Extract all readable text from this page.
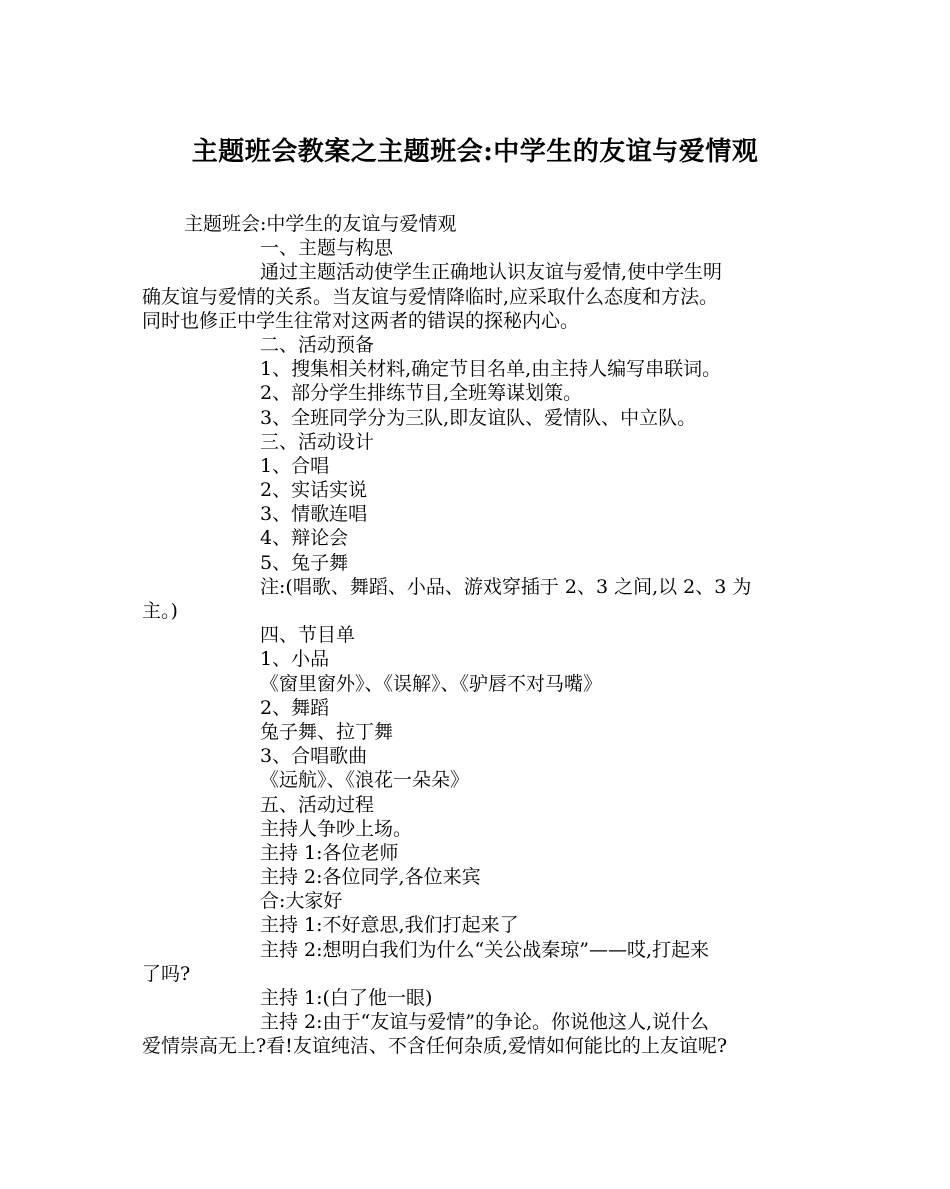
主题班会教案之主题班会:中学生的友谊与爱情观
主题班会:中学生的友谊与爱情观
一、主题与构思
通过主题活动使学生正确地认识友谊与爱情,使中学生明
确友谊与爱情的关系。当友谊与爱情降临时,应采取什么态度和方法。
同时也修正中学生往常对这两者的错误的探秘内心。
二、活动预备
1、搜集相关材料,确定节目名单,由主持人编写串联词。
2、部分学生排练节目,全班筹谋划策。
3、全班同学分为三队,即友谊队、爱情队、中立队。
三、活动设计
1、合唱
2、实话实说
3、情歌连唱
4、辩论会
5、兔子舞
注:(唱歌、舞蹈、小品、游戏穿插于 2、3 之间,以 2、3 为
主。)
四、节目单
1、小品
《窗里窗外》、《误解》、《驴唇不对马嘴》
2、舞蹈
兔子舞、拉丁舞
3、合唱歌曲
《远航》、《浪花一朵朵》
五、活动过程
主持人争吵上场。
主持 1:各位老师
主持 2:各位同学,各位来宾
合:大家好
主持 1:不好意思,我们打起来了
主持 2:想明白我们为什么“关公战秦琼”——哎,打起来
了吗?
主持 1:(白了他一眼)
主持 2:由于“友谊与爱情”的争论。你说他这人,说什么
爱情崇高无上?看!友谊纯洁、不含任何杂质,爱情如何能比的上友谊呢?
